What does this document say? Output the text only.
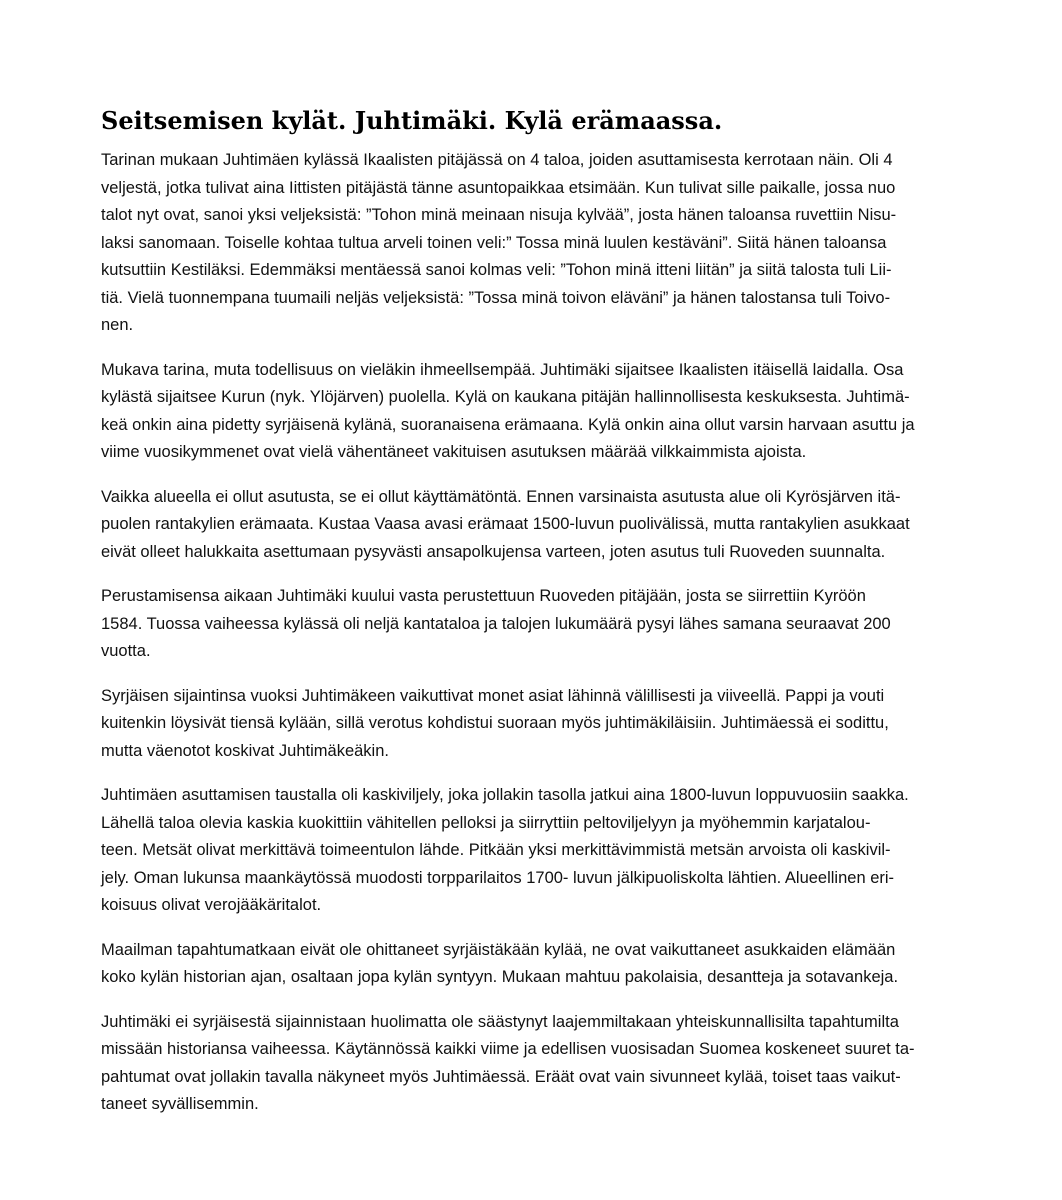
Seitsemisen kylät. Juhtimäki. Kylä erämaassa.

Tarinan mukaan Juhtimäen kylässä Ikaalisten pitäjässä on 4 taloa, joiden asuttamisesta kerrotaan näin. Oli 4
veljestä, jotka tulivat aina Iittisten pitäjästä tänne asuntopaikkaa etsimään. Kun tulivat sille paikalle, jossa nuo
talot nyt ovat, sanoi yksi veljeksistä: ”Tohon minä meinaan nisuja kylvää”, josta hänen taloansa ruvettiin Nisu-
laksi sanomaan. Toiselle kohtaa tultua arveli toinen veli:” Tossa minä luulen kestäväni”. Siitä hänen taloansa
kutsuttiin Kestiläksi. Edemmäksi mentäessä sanoi kolmas veli: ”Tohon minä itteni liitän” ja siitä talosta tuli Lii-
tiä. Vielä tuonnempana tuumaili neljäs veljeksistä: ”Tossa minä toivon eläväni” ja hänen talostansa tuli Toivo-
nen.

Mukava tarina, muta todellisuus on vieläkin ihmeellsempää. Juhtimäki sijaitsee Ikaalisten itäisellä laidalla. Osa
kylästä sijaitsee Kurun (nyk. Ylöjärven) puolella. Kylä on kaukana pitäjän hallinnollisesta keskuksesta. Juhtimä-
keä onkin aina pidetty syrjäisenä kylänä, suoranaisena erämaana. Kylä onkin aina ollut varsin harvaan asuttu ja
viime vuosikymmenet ovat vielä vähentäneet vakituisen asutuksen määrää vilkkaimmista ajoista.

Vaikka alueella ei ollut asutusta, se ei ollut käyttämätöntä. Ennen varsinaista asutusta alue oli Kyrösjärven itä-
puolen rantakylien erämaata. Kustaa Vaasa avasi erämaat 1500-luvun puolivälissä, mutta rantakylien asukkaat
eivät olleet halukkaita asettumaan pysyvästi ansapolkujensa varteen, joten asutus tuli Ruoveden suunnalta.

Perustamisensa aikaan Juhtimäki kuului vasta perustettuun Ruoveden pitäjään, josta se siirrettiin Kyröön
1584. Tuossa vaiheessa kylässä oli neljä kantataloa ja talojen lukumäärä pysyi lähes samana seuraavat 200
vuotta.

Syrjäisen sijaintinsa vuoksi Juhtimäkeen vaikuttivat monet asiat lähinnä välillisesti ja viiveellä. Pappi ja vouti
kuitenkin löysivät tiensä kylään, sillä verotus kohdistui suoraan myös juhtimäkiläisiin. Juhtimäessä ei sodittu,
mutta väenotot koskivat Juhtimäkeäkin.

Juhtimäen asuttamisen taustalla oli kaskiviljely, joka jollakin tasolla jatkui aina 1800-luvun loppuvuosiin saakka.
Lähellä taloa olevia kaskia kuokittiin vähitellen pelloksi ja siirryttiin peltoviljelyyn ja myöhemmin karjatalou-
teen. Metsät olivat merkittävä toimeentulon lähde. Pitkään yksi merkittävimmistä metsän arvoista oli kaskivil-
jely. Oman lukunsa maankäytössä muodosti torpparilaitos 1700- luvun jälkipuoliskolta lähtien. Alueellinen eri-
koisuus olivat verojääkäritalot.

Maailman tapahtumatkaan eivät ole ohittaneet syrjäistäkään kylää, ne ovat vaikuttaneet asukkaiden elämään
koko kylän historian ajan, osaltaan jopa kylän syntyyn. Mukaan mahtuu pakolaisia, desantteja ja sotavankeja.

Juhtimäki ei syrjäisestä sijainnistaan huolimatta ole säästynyt laajemmiltakaan yhteiskunnallisilta tapahtumilta
missään historiansa vaiheessa. Käytännössä kaikki viime ja edellisen vuosisadan Suomea koskeneet suuret ta-
pahtumat ovat jollakin tavalla näkyneet myös Juhtimäessä. Eräät ovat vain sivunneet kylää, toiset taas vaikut-
taneet syvällisemmin.
